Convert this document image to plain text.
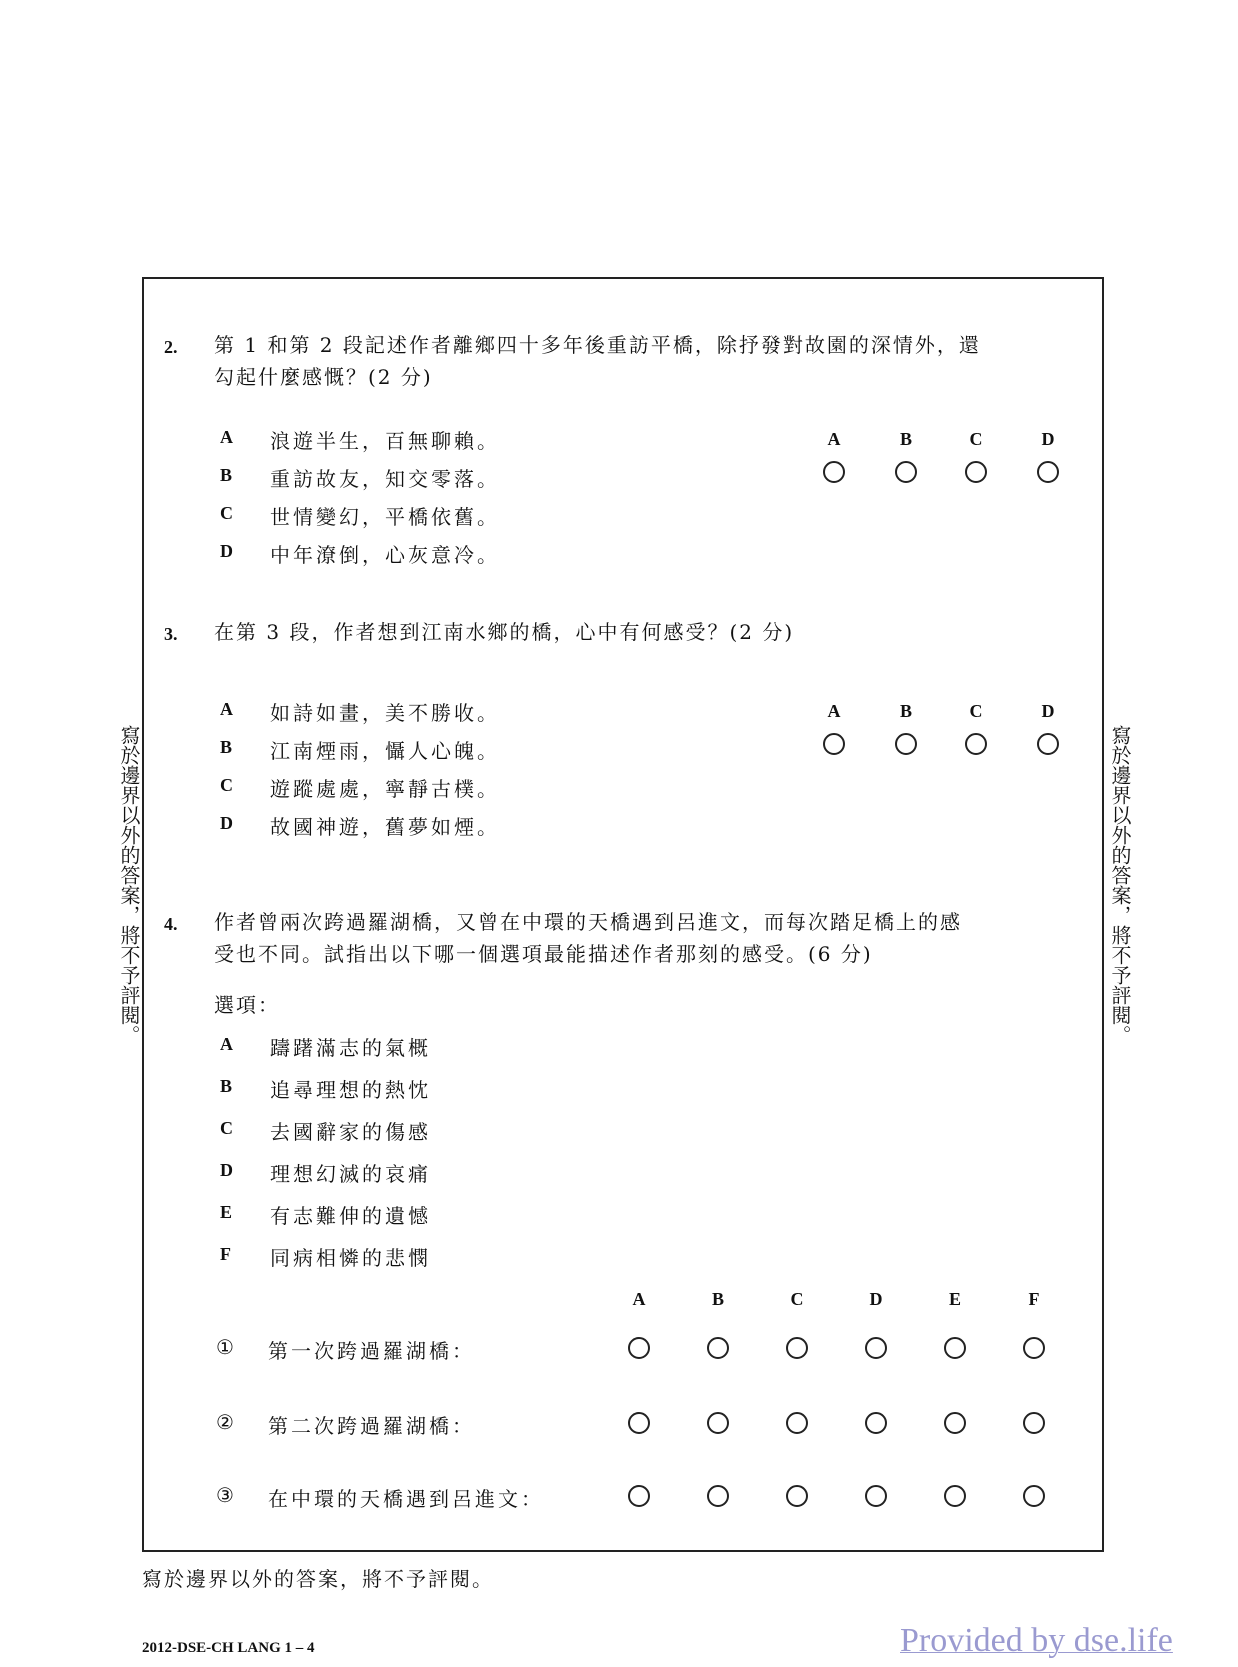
寫於邊界以外的答案，將不予評閱。	寫於邊界以外的答案，將不予評閱。
2. 第 1 和第 2 段記述作者離鄉四十多年後重訪平橋，除抒發對故園的深情外，還
勾起什麼感慨？(2 分)
A 浪遊半生，百無聊賴。
B 重訪故友，知交零落。
C 世情變幻，平橋依舊。
D 中年潦倒，心灰意冷。
A	B	C	D
3. 在第 3 段，作者想到江南水鄉的橋，心中有何感受？(2 分)
A 如詩如畫，美不勝收。
B 江南煙雨，懾人心魄。
C 遊蹤處處，寧靜古樸。
D 故國神遊，舊夢如煙。
A	B	C	D
4. 作者曾兩次跨過羅湖橋，又曾在中環的天橋遇到呂進文，而每次踏足橋上的感
受也不同。試指出以下哪一個選項最能描述作者那刻的感受。(6 分)
選項：
A 躊躇滿志的氣概
B 追尋理想的熱忱
C 去國辭家的傷感
D 理想幻滅的哀痛
E 有志難伸的遺憾
F 同病相憐的悲憫
A	B	C	D	E	F
① 第一次跨過羅湖橋：
② 第二次跨過羅湖橋：
③ 在中環的天橋遇到呂進文：
寫於邊界以外的答案，將不予評閱。
2012-DSE-CH LANG 1 – 4	Provided by dse.life
